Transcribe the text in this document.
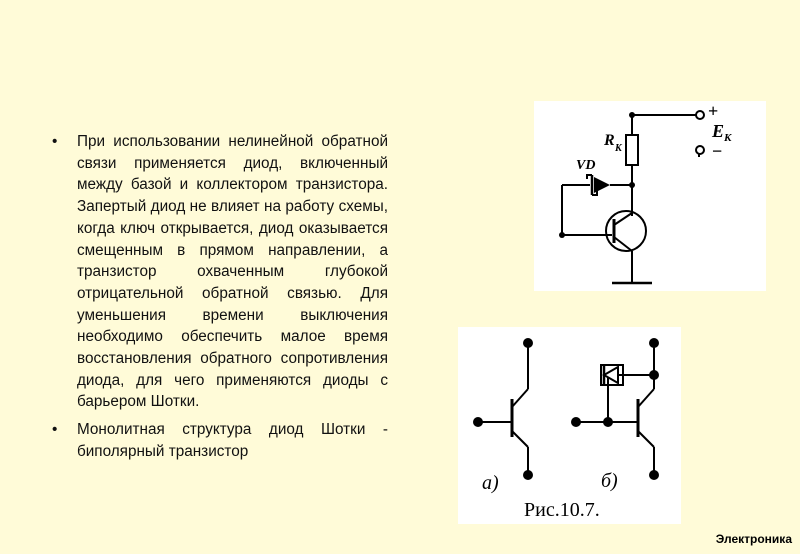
• При использовании нелинейной обратной связи применяется диод, включенный между базой и коллектором транзистора. Запертый диод не влияет на работу схемы, когда ключ открывается, диод оказывается смещенным в прямом направлении, а транзистор охваченным глубокой отрицательной обратной связью. Для уменьшения времени выключения необходимо обеспечить малое время восстановления обратного сопротивления диода, для чего применяются диоды с барьером Шотки.
• Монолитная структура диод Шотки - биполярный транзистор
+
E К
−
R К
VD
а)	б)
Рис.10.7.
Электроника
